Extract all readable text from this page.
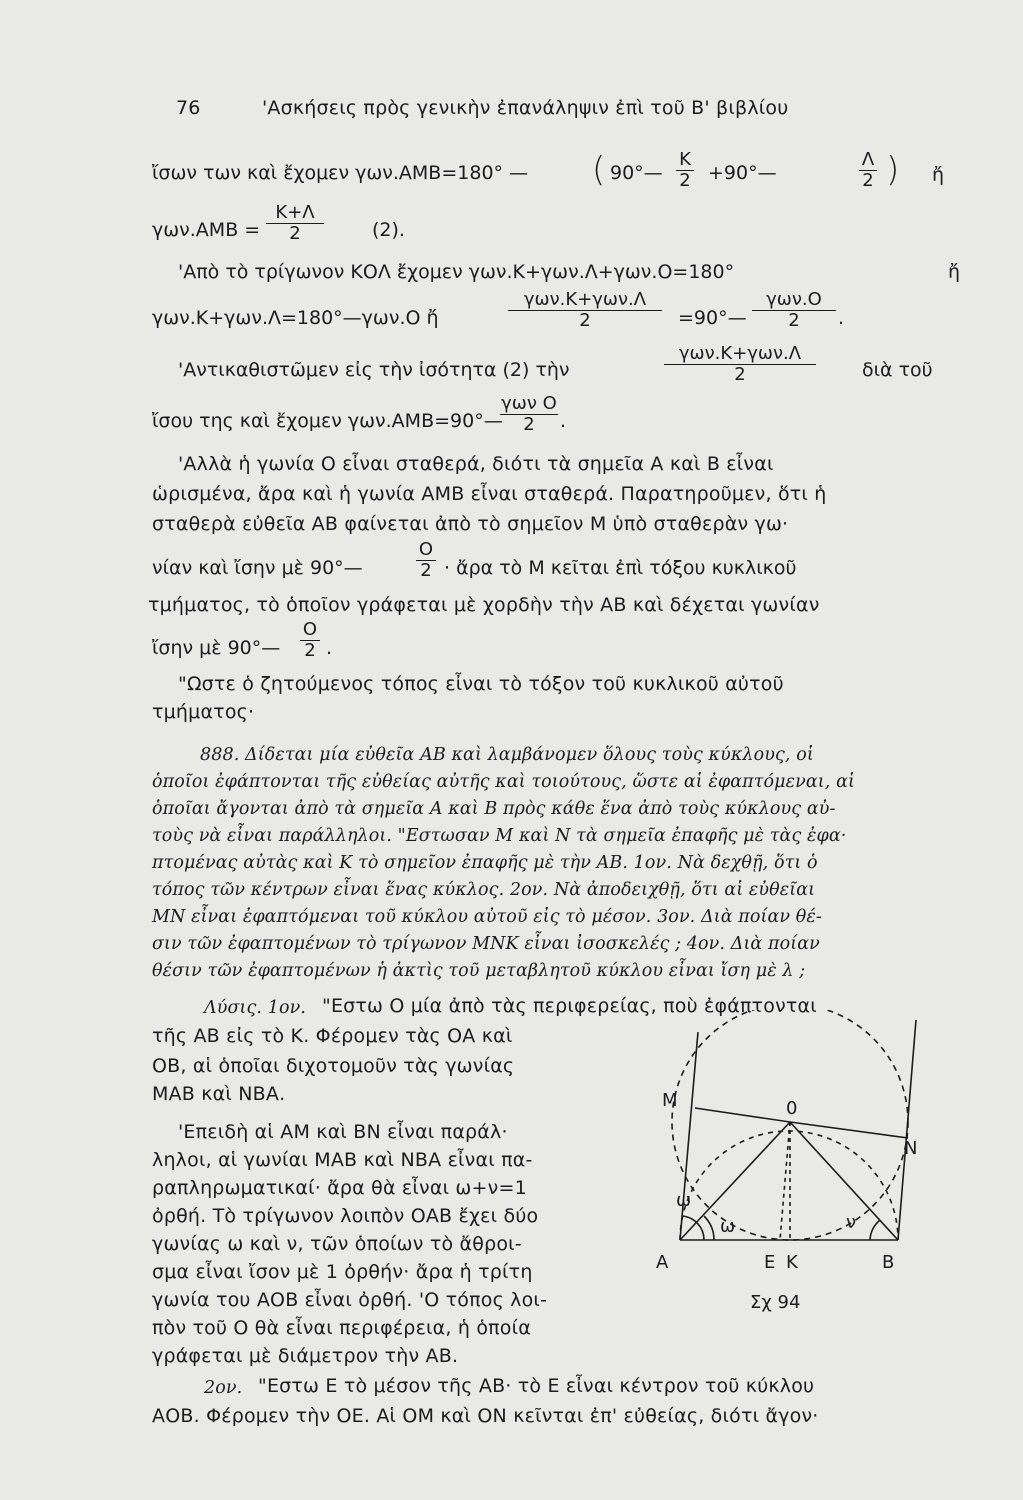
76	'Ασκήσεις πρὸς γενικὴν ἐπανάληψιν ἐπὶ τοῦ Β' βιβλίου
ἴσων των καὶ ἔχομεν γων.ΑΜΒ=180° — ( 90°— $\frac{K}{2}$ +90°—	$\frac{\Lambda}{2}$ ) ἤ
$\gamma\omega\nu.AMB = \frac{K+\Lambda}{2}$	(2).
'Απὸ τὸ τρίγωνον ΚΟΛ ἔχομεν γων.Κ+γων.Λ+γων.Ο=180°	ἤ
γων.Κ+γων.Λ=180°—γων.Ο ἤ
γων.Κ+γων.Λ
2	=90°—
γων.Ο
2	.
'Αντικαθιστῶμεν εἰς τὴν ἰσότητα (2) τὴν
γων.Κ+γων.Λ
2	διὰ τοῦ
ἴσου της καὶ ἔχομεν γων.ΑΜΒ=90°—
γων Ο
2	.
'Αλλὰ ἡ γωνία Ο εἶναι σταθερά, διότι τὰ σημεῖα Α καὶ Β εἶναι
ὡρισμένα, ἄρα καὶ ἡ γωνία ΑΜΒ εἶναι σταθερά. Παρατηροῦμεν, ὅτι ἡ
σταθερὰ εὐθεῖα ΑΒ φαίνεται ἀπὸ τὸ σημεῖον Μ ὑπὸ σταθερὰν γω·
νίαν καὶ ἴσην μὲ 90°—	$\frac{O}{2}$ · ἄρα τὸ Μ κεῖται ἐπὶ τόξου κυκλικοῦ
τμήματος, τὸ ὁποῖον γράφεται μὲ χορδὴν τὴν ΑΒ καὶ δέχεται γωνίαν
ἴσην μὲ 90°— $\frac{O}{2}$ .
"Ωστε ὁ ζητούμενος τόπος εἶναι τὸ τόξον τοῦ κυκλικοῦ αὐτοῦ
τμήματος·
888. Δίδεται μία εὐθεῖα ΑΒ καὶ λαμβάνομεν ὅλους τοὺς κύκλους, οἱ
ὁποῖοι ἐφάπτονται τῆς εὐθείας αὐτῆς καὶ τοιούτους, ὥστε αἱ ἐφαπτόμεναι, αἱ
ὁποῖαι ἄγονται ἀπὸ τὰ σημεῖα Α καὶ Β πρὸς κάθε ἕνα ἀπὸ τοὺς κύκλους αὐ-
τοὺς νὰ εἶναι παράλληλοι. "Εστωσαν Μ καὶ Ν τὰ σημεῖα ἐπαφῆς μὲ τὰς ἐφα·
πτομένας αὐτὰς καὶ Κ τὸ σημεῖον ἐπαφῆς μὲ τὴν ΑΒ. 1ον. Νὰ δεχθῇ, ὅτι ὁ
τόπος τῶν κέντρων εἶναι ἕνας κύκλος. 2ον. Νὰ ἀποδειχθῇ, ὅτι αἱ εὐθεῖαι
ΜΝ εἶναι ἐφαπτόμεναι τοῦ κύκλου αὐτοῦ εἰς τὸ μέσον. 3ον. Διὰ ποίαν θέ-
σιν τῶν ἐφαπτομένων τὸ τρίγωνον ΜΝΚ εἶναι ἰσοσκελές ; 4ον. Διὰ ποίαν
θέσιν τῶν ἐφαπτομένων ἡ ἀκτὶς τοῦ μεταβλητοῦ κύκλου εἶναι ἴση μὲ λ ;
Λύσις. 1ον. "Εστω Ο μία ἀπὸ τὰς περιφερείας, ποὺ ἐφάπτονται
τῆς ΑΒ εἰς τὸ Κ. Φέρομεν τὰς ΟΑ καὶ
ΟΒ, αἱ ὁποῖαι διχοτομοῦν τὰς γωνίας
ΜΑΒ καὶ ΝΒΑ.
'Επειδὴ αἱ ΑΜ καὶ ΒΝ εἶναι παράλ·
ληλοι, αἱ γωνίαι ΜΑΒ καὶ ΝΒΑ εἶναι πα-
ραπληρωματικαί· ἄρα θὰ εἶναι ω+ν=1
ὀρθή. Τὸ τρίγωνον λοιπὸν ΟΑΒ ἔχει δύο
γωνίας ω καὶ ν, τῶν ὁποίων τὸ ἄθροι-
σμα εἶναι ἴσον μὲ 1 ὀρθήν· ἄρα ἡ τρίτη
γωνία του ΑΟΒ εἶναι ὀρθή. 'Ο τόπος λοι-
πὸν τοῦ Ο θὰ εἶναι περιφέρεια, ἡ ὁποία
γράφεται μὲ διάμετρον τὴν ΑΒ.
2ον. "Εστω Ε τὸ μέσον τῆς ΑΒ· τὸ Ε εἶναι κέντρον τοῦ κύκλου
ΑΟΒ. Φέρομεν τὴν ΟΕ. Αἱ ΟΜ καὶ ΟΝ κεῖνται ἐπ' εὐθείας, διότι ἄγον·
Μ	0
Ν
ω
ω	ν
Α	Ε Κ	Β
Σχ 94
